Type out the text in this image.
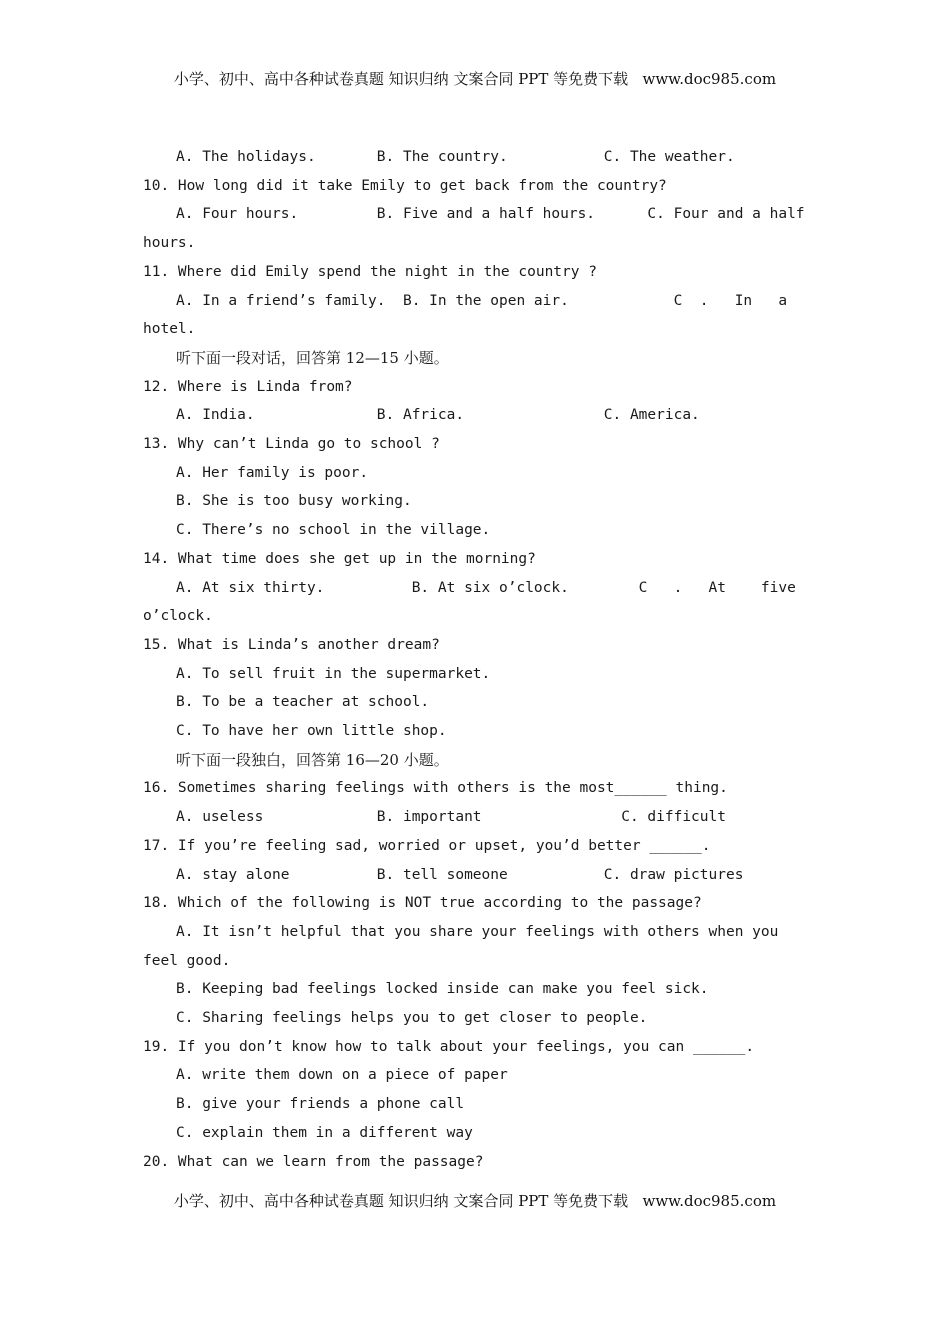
小学、初中、高中各种试卷真题 知识归纳 文案合同 PPT 等免费下载   www.doc985.com
A. The holidays.       B. The country.           C. The weather.
10. How long did it take Emily to get back from the country?
A. Four hours.         B. Five and a half hours.      C. Four and a half
hours.
11. Where did Emily spend the night in the country ?
A. In a friend’s family.  B. In the open air.            C  .   In   a
hotel.
听下面一段对话，回答第 12—15 小题。
12. Where is Linda from?
A. India.              B. Africa.                C. America.
13. Why can’t Linda go to school ?
A. Her family is poor.
B. She is too busy working.
C. There’s no school in the village.
14. What time does she get up in the morning?
A. At six thirty.          B. At six o’clock.        C   .   At    five
o’clock.
15. What is Linda’s another dream?
A. To sell fruit in the supermarket.
B. To be a teacher at school.
C. To have her own little shop.
听下面一段独白，回答第 16—20 小题。
16. Sometimes sharing feelings with others is the most______ thing.
A. useless             B. important                C. difficult
17. If you’re feeling sad, worried or upset, you’d better ______.
A. stay alone          B. tell someone           C. draw pictures
18. Which of the following is NOT true according to the passage?
A. It isn’t helpful that you share your feelings with others when you
feel good.
B. Keeping bad feelings locked inside can make you feel sick.
C. Sharing feelings helps you to get closer to people.
19. If you don’t know how to talk about your feelings, you can ______.
A. write them down on a piece of paper
B. give your friends a phone call
C. explain them in a different way
20. What can we learn from the passage?
小学、初中、高中各种试卷真题 知识归纳 文案合同 PPT 等免费下载   www.doc985.com
